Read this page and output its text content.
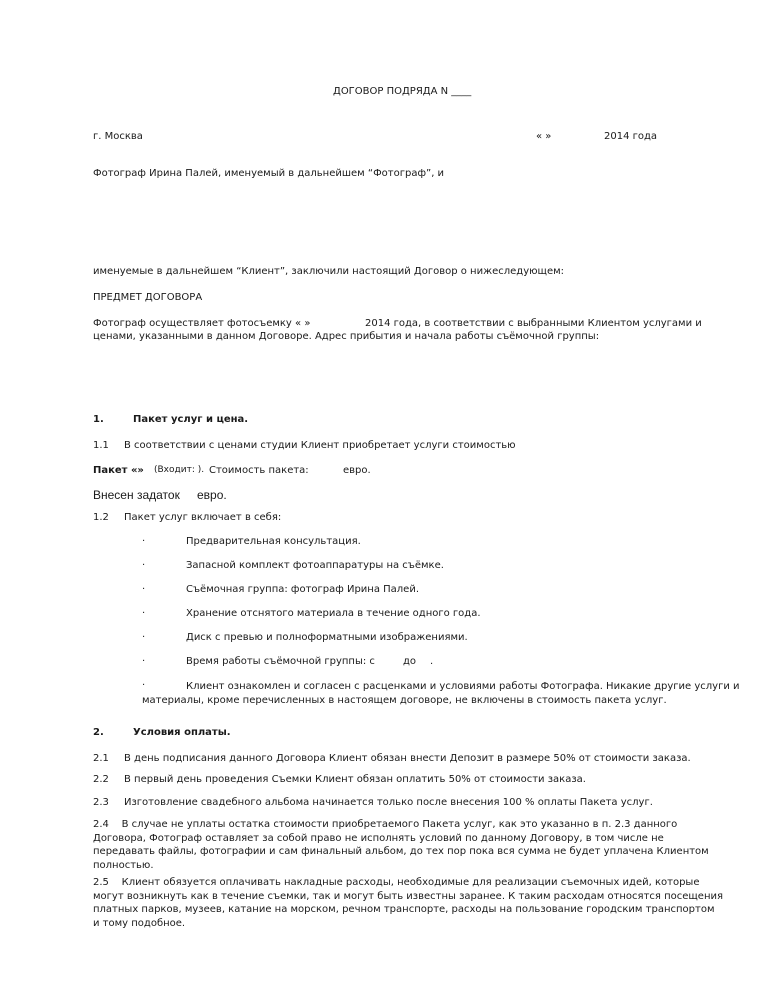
ДОГОВОР ПОДРЯДА N ____
г. Москва	« »	2014 года
Фотограф Ирина Палей, именуемый в дальнейшем “Фотограф”, и
именуемые в дальнейшем “Клиент”, заключили настоящий Договор о нижеследующем:
ПРЕДМЕТ ДОГОВОРА
Фотограф осуществляет фотосъемку « »	2014 года, в соответствии с выбранными Клиентом услугами и
ценами, указанными в данном Договоре. Адрес прибытия и начала работы съёмочной группы:
1.	Пакет услуг и цена.
1.1 В соответствии с ценами студии Клиент приобретает услуги стоимостью
Пакет «» (Входит: ). Стоимость пакета:	евро.
Внесен задаток евро.
1.2 Пакет услуг включает в себя:
·	Предварительная консультация.
·	Запасной комплект фотоаппаратуры на съёмке.
·	Съёмочная группа: фотограф Ирина Палей.
·	Хранение отснятого материала в течение одного года.
·	Диск с превью и полноформатными изображениями.
·	Время работы съёмочной группы: с	до .
·	Клиент ознакомлен и согласен с расценками и условиями работы Фотографа. Никакие другие услуги и материалы, кроме перечисленных в настоящем договоре, не включены в стоимость пакета услуг.
2.	Условия оплаты.
2.1 В день подписания данного Договора Клиент обязан внести Депозит в размере 50% от стоимости заказа.
2.2 В первый день проведения Съемки Клиент обязан оплатить 50% от стоимости заказа.
2.3 Изготовление свадебного альбома начинается только после внесения 100 % оплаты Пакета услуг.
2.4    В случае не уплаты остатка стоимости приобретаемого Пакета услуг, как это указанно в п. 2.3 данного Договора, Фотограф оставляет за собой право не исполнять условий по данному Договору, в том числе не передавать файлы, фотографии и сам финальный альбом, до тех пор пока вся сумма не будет уплачена Клиентом полностью.
2.5    Клиент обязуется оплачивать накладные расходы, необходимые для реализации съемочных идей, которые могут возникнуть как в течение съемки, так и могут быть известны заранее. К таким расходам относятся посещения платных парков, музеев, катание на морском, речном транспорте, расходы на пользование городским транспортом и тому подобное.
